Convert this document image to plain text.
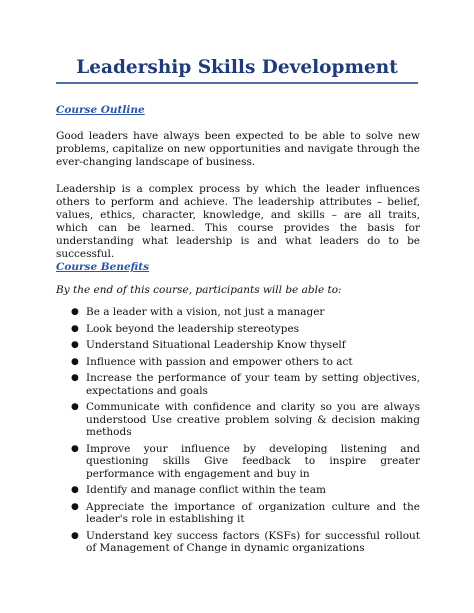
Leadership Skills Development
Course Outline
Good leaders have always been expected to be able to solve new problems, capitalize on new opportunities and navigate through the ever-changing landscape of business.
Leadership is a complex process by which the leader influences others to perform and achieve. The leadership attributes – belief, values, ethics, character, knowledge, and skills – are all traits, which can be learned. This course provides the basis for understanding what leadership is and what leaders do to be successful.
Course Benefits
By the end of this course, participants will be able to:
● Be a leader with a vision, not just a manager
● Look beyond the leadership stereotypes
● Understand Situational Leadership Know thyself
● Influence with passion and empower others to act
● Increase the performance of your team by setting objectives, expectations and goals
● Communicate with confidence and clarity so you are always understood Use creative problem solving & decision making methods
● Improve your influence by developing listening and questioning skills Give feedback to inspire greater performance with engagement and buy in
● Identify and manage conflict within the team
● Appreciate the importance of organization culture and the leader's role in establishing it
● Understand key success factors (KSFs) for successful rollout of Management of Change in dynamic organizations
